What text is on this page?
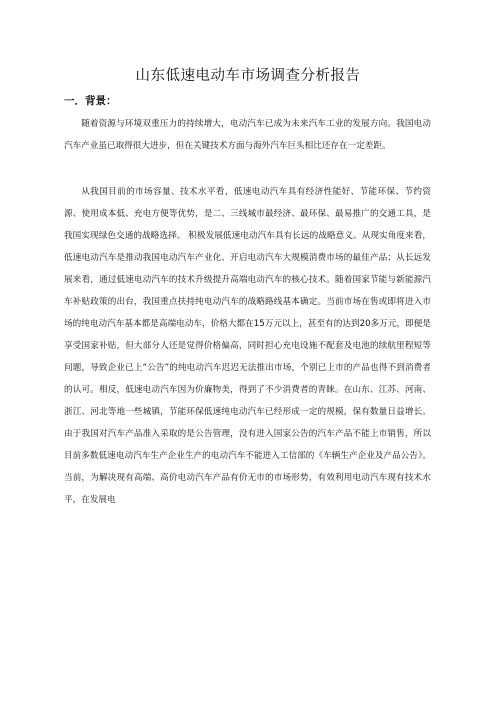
山东低速电动车市场调查分析报告
一．背景：

随着资源与环境双重压力的持续增大，电动汽车已成为未来汽车工业的发展方向。我国电动汽车产业虽已取得很大进步，但在关键技术方面与海外汽车巨头相比还存在一定差距。

从我国目前的市场容量、技术水平看，低速电动汽车具有经济性能好、节能环保、节约资源、使用成本低、充电方便等优势，是二、三线城市最经济、最环保、最易推广的交通工具，是我国实现绿色交通的战略选择。 积极发展低速电动汽车具有长远的战略意义。从现实角度来看，低速电动汽车是推动我国电动汽车产业化、开启电动汽车大规模消费市场的最佳产品；从长远发展来看，通过低速电动汽车的技术升级提升高端电动汽车的核心技术。随着国家节能与新能源汽车补贴政策的出台，我国重点扶持纯电动汽车的战略路线基本确定。当前市场在售或即将进入市场的纯电动汽车基本都是高端电动车，价格大都在15万元以上，甚至有的达到20多万元，即便是享受国家补贴，但大部分人还是觉得价格偏高，同时担心充电设施不配套及电池的续航里程短等问题，导致企业已上“公告”的纯电动汽车迟迟无法推出市场，个别已上市的产品也得不到消费者的认可。相反，低速电动汽车因为价廉物美，得到了不少消费者的青睐。在山东、江苏、河南、浙江、河北等地一些城镇，节能环保低速纯电动汽车已经形成一定的规模，保有数量日益增长。由于我国对汽车产品准入采取的是公告管理，没有进入国家公告的汽车产品不能上市销售，所以目前多数低速电动汽车生产企业生产的电动汽车不能进入工信部的《车辆生产企业及产品公告》。 当前，为解决现有高端、高价电动汽车产品有价无市的市场形势，有效利用电动汽车现有技术水平，在发展电
